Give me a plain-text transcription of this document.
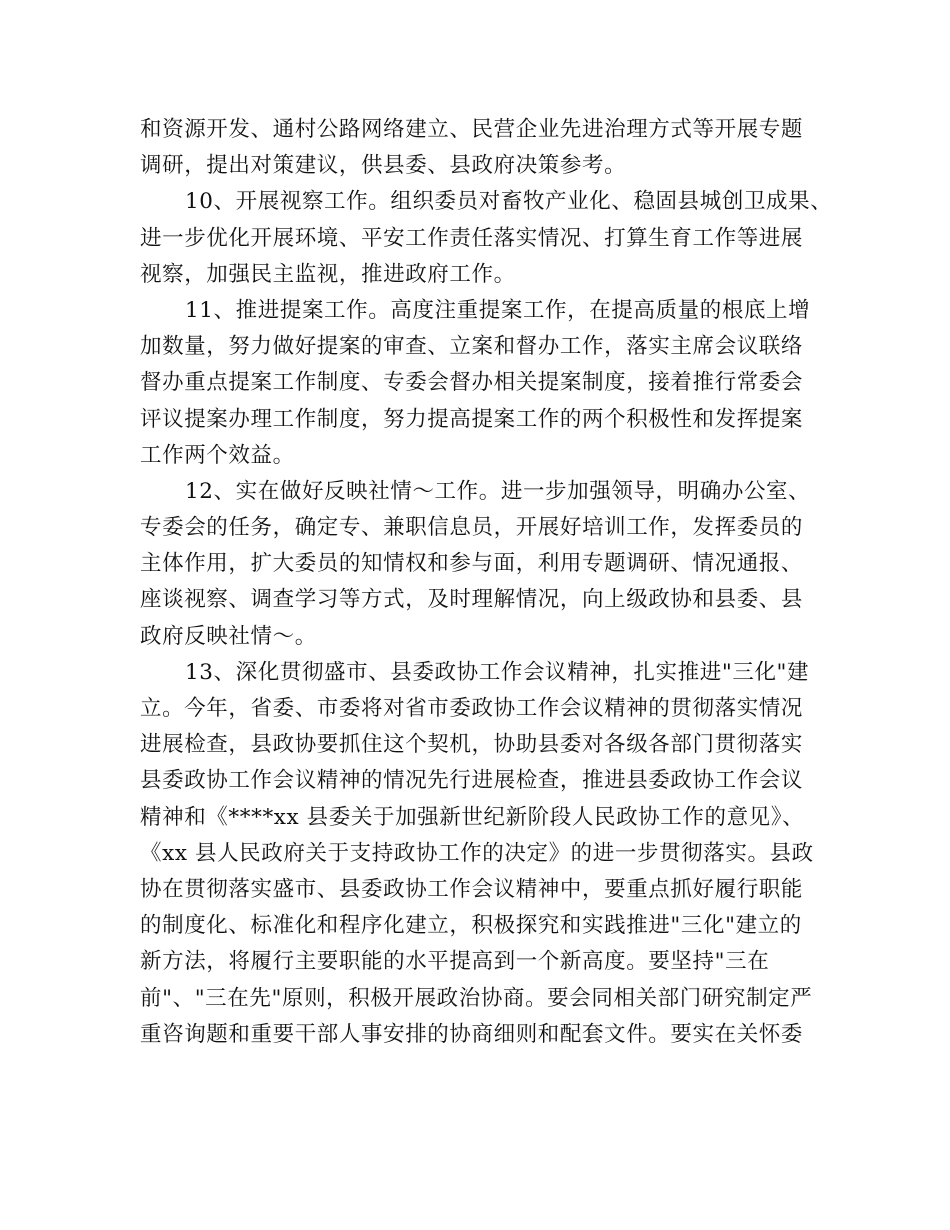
和资源开发、通村公路网络建立、民营企业先进治理方式等开展专题
调研，提出对策建议，供县委、县政府决策参考。
10、开展视察工作。组织委员对畜牧产业化、稳固县城创卫成果、
进一步优化开展环境、平安工作责任落实情况、打算生育工作等进展
视察，加强民主监视，推进政府工作。
11、推进提案工作。高度注重提案工作，在提高质量的根底上增
加数量，努力做好提案的审查、立案和督办工作，落实主席会议联络
督办重点提案工作制度、专委会督办相关提案制度，接着推行常委会
评议提案办理工作制度，努力提高提案工作的两个积极性和发挥提案
工作两个效益。
12、实在做好反映社情～工作。进一步加强领导，明确办公室、
专委会的任务，确定专、兼职信息员，开展好培训工作，发挥委员的
主体作用，扩大委员的知情权和参与面，利用专题调研、情况通报、
座谈视察、调查学习等方式，及时理解情况，向上级政协和县委、县
政府反映社情～。
13、深化贯彻盛市、县委政协工作会议精神，扎实推进"三化"建
立。今年，省委、市委将对省市委政协工作会议精神的贯彻落实情况
进展检查，县政协要抓住这个契机，协助县委对各级各部门贯彻落实
县委政协工作会议精神的情况先行进展检查，推进县委政协工作会议
精神和《****xx 县委关于加强新世纪新阶段人民政协工作的意见》、
《xx 县人民政府关于支持政协工作的决定》的进一步贯彻落实。县政
协在贯彻落实盛市、县委政协工作会议精神中，要重点抓好履行职能
的制度化、标准化和程序化建立，积极探究和实践推进"三化"建立的
新方法，将履行主要职能的水平提高到一个新高度。要坚持"三在
前"、"三在先"原则，积极开展政治协商。要会同相关部门研究制定严
重咨询题和重要干部人事安排的协商细则和配套文件。要实在关怀委
